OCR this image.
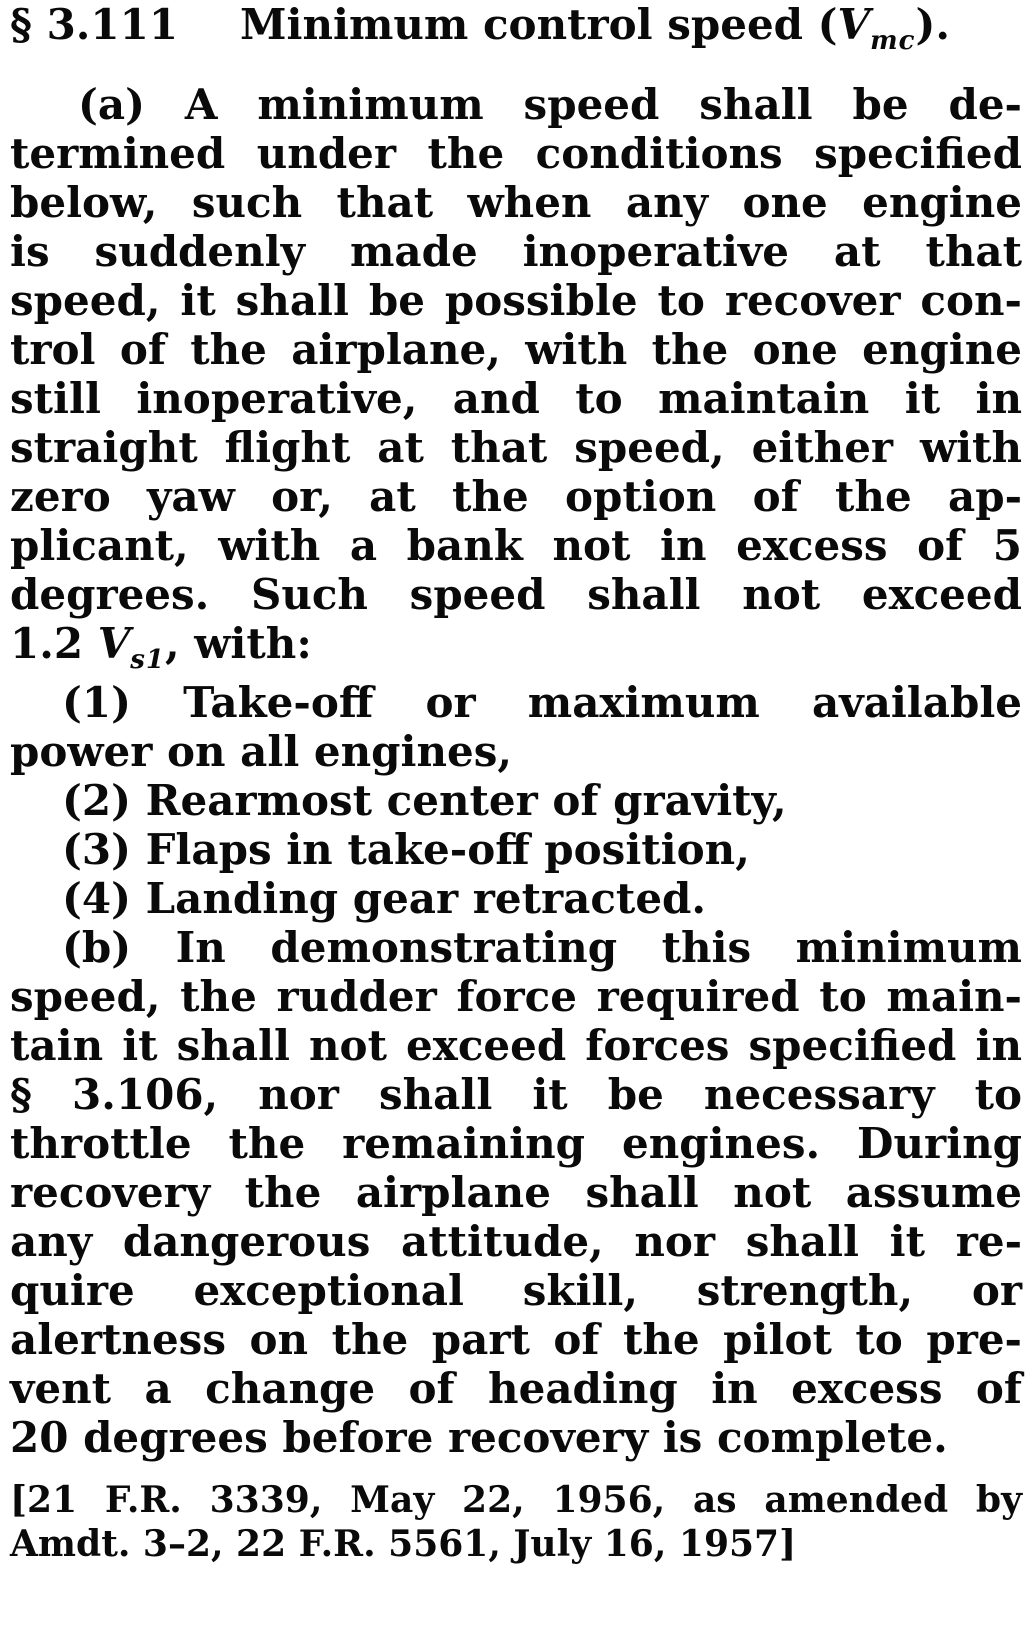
§ 3.111 Minimum control speed $(V_{mc})$.
(a) A minimum speed shall be de-
termined under the conditions specified
below, such that when any one engine
is suddenly made inoperative at that
speed, it shall be possible to recover con-
trol of the airplane, with the one engine
still inoperative, and to maintain it in
straight flight at that speed, either with
zero yaw or, at the option of the ap-
plicant, with a bank not in excess of 5
degrees. Such speed shall not exceed
1.2 $V_{s1}$, with:
(1) Take-off or maximum available
power on all engines,
(2) Rearmost center of gravity,
(3) Flaps in take-off position,
(4) Landing gear retracted.
(b) In demonstrating this minimum
speed, the rudder force required to main-
tain it shall not exceed forces specified in
§ 3.106, nor shall it be necessary to
throttle the remaining engines. During
recovery the airplane shall not assume
any dangerous attitude, nor shall it re-
quire exceptional skill, strength, or
alertness on the part of the pilot to pre-
vent a change of heading in excess of
20 degrees before recovery is complete.
[21 F.R. 3339, May 22, 1956, as amended by
Amdt. 3–2, 22 F.R. 5561, July 16, 1957]
